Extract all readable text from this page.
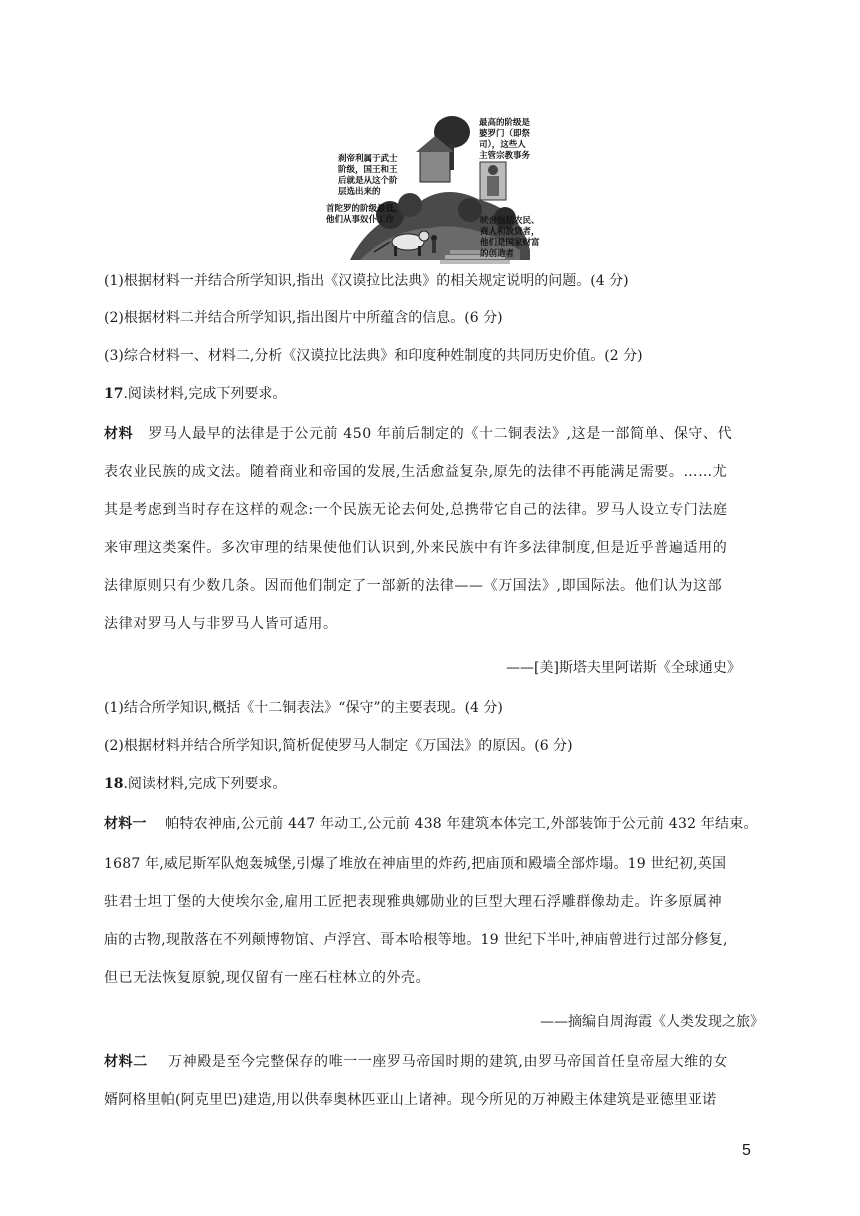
最高的阶级是
婆罗门（即祭
司），这些人
主管宗教事务
刹帝利属于武士
阶级，国王和王
后就是从这个阶
层选出来的
首陀罗的阶级最低，
他们从事奴仆工作	吠舍包括农民、
商人和放贷者，
他们是国家财富
的创造者
(1)根据材料一并结合所学知识,指出《汉谟拉比法典》的相关规定说明的问题。(4 分)
(2)根据材料二并结合所学知识,指出图片中所蕴含的信息。(6 分)
(3)综合材料一、材料二,分析《汉谟拉比法典》和印度种姓制度的共同历史价值。(2 分)
17.阅读材料,完成下列要求。
材料 罗马人最早的法律是于公元前 450 年前后制定的《十二铜表法》,这是一部简单、保守、代
表农业民族的成文法。随着商业和帝国的发展,生活愈益复杂,原先的法律不再能满足需要。……尤
其是考虑到当时存在这样的观念:一个民族无论去何处,总携带它自己的法律。罗马人设立专门法庭
来审理这类案件。多次审理的结果使他们认识到,外来民族中有许多法律制度,但是近乎普遍适用的
法律原则只有少数几条。因而他们制定了一部新的法律——《万国法》,即国际法。他们认为这部
法律对罗马人与非罗马人皆可适用。
——[美]斯塔夫里阿诺斯《全球通史》
(1)结合所学知识,概括《十二铜表法》“保守”的主要表现。(4 分)
(2)根据材料并结合所学知识,简析促使罗马人制定《万国法》的原因。(6 分)
18.阅读材料,完成下列要求。
材料一 帕特农神庙,公元前 447 年动工,公元前 438 年建筑本体完工,外部装饰于公元前 432 年结束。
1687 年,威尼斯军队炮轰城堡,引爆了堆放在神庙里的炸药,把庙顶和殿墙全部炸塌。19 世纪初,英国
驻君士坦丁堡的大使埃尔金,雇用工匠把表现雅典娜勋业的巨型大理石浮雕群像劫走。许多原属神
庙的古物,现散落在不列颠博物馆、卢浮宫、哥本哈根等地。19 世纪下半叶,神庙曾进行过部分修复,
但已无法恢复原貌,现仅留有一座石柱林立的外壳。
——摘编自周海霞《人类发现之旅》
材料二 万神殿是至今完整保存的唯一一座罗马帝国时期的建筑,由罗马帝国首任皇帝屋大维的女
婿阿格里帕(阿克里巴)建造,用以供奉奥林匹亚山上诸神。现今所见的万神殿主体建筑是亚德里亚诺
5
